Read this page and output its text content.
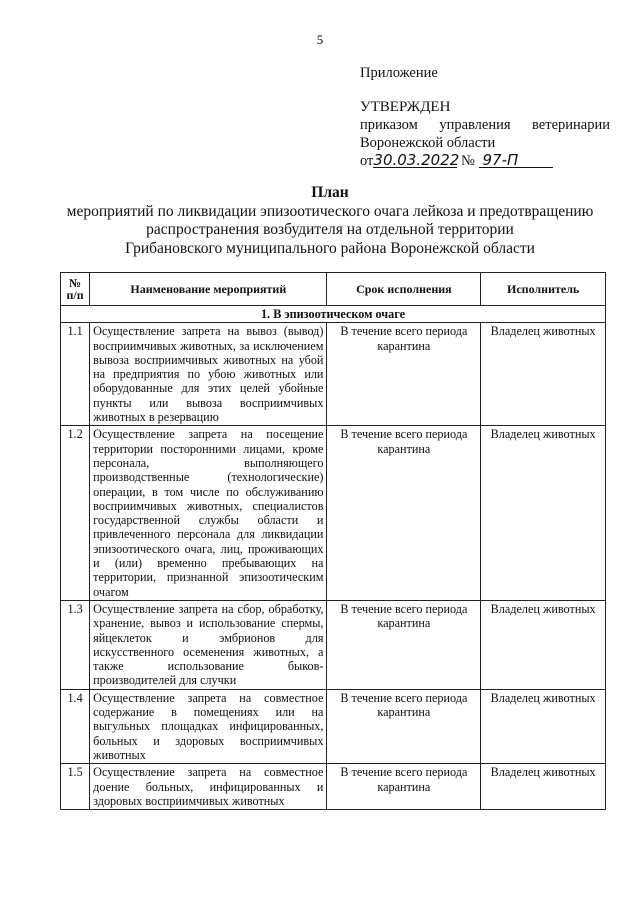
5
Приложение
УТВЕРЖДЕН
приказом управления ветеринарии
Воронежской области
от30.03.2022 № 97-П
План
мероприятий по ликвидации эпизоотического очага лейкоза и предотвращению
распространения возбудителя на отдельной территории
Грибановского муниципального района Воронежской области
№ п/п	Наименование мероприятий	Срок исполнения	Исполнитель
1. В эпизоотическом очаге			
1.1	Осуществление запрета на вывоз (вывод) восприимчивых животных, за исключением вывоза восприимчивых животных на убой на предприятия по убою животных или оборудованные для этих целей убойные пункты или вывоза восприимчивых животных в резервацию	В течение всего периода карантина	Владелец животных
1.2	Осуществление запрета на посещение территории посторонними лицами, кроме персонала, выполняющего производственные (технологические) операции, в том числе по обслуживанию восприимчивых животных, специалистов государственной службы области и привлеченного персонала для ликвидации эпизоотического очага, лиц, проживающих и (или) временно пребывающих на территории, признанной эпизоотическим очагом	В течение всего периода карантина	Владелец животных
1.3	Осуществление запрета на сбор, обработку, хранение, вывоз и использование спермы, яйцеклеток и эмбрионов для искусственного осеменения животных, а также использование быков-производителей для случки	В течение всего периода карантина	Владелец животных
1.4	Осуществление запрета на совместное содержание в помещениях или на выгульных площадках инфицированных, больных и здоровых восприимчивых животных	В течение всего периода карантина	Владелец животных
1.5	Осуществление запрета на совместное доение больных, инфицированных и здоровых восприимчивых животных	В течение всего периода карантина	Владелец животных
